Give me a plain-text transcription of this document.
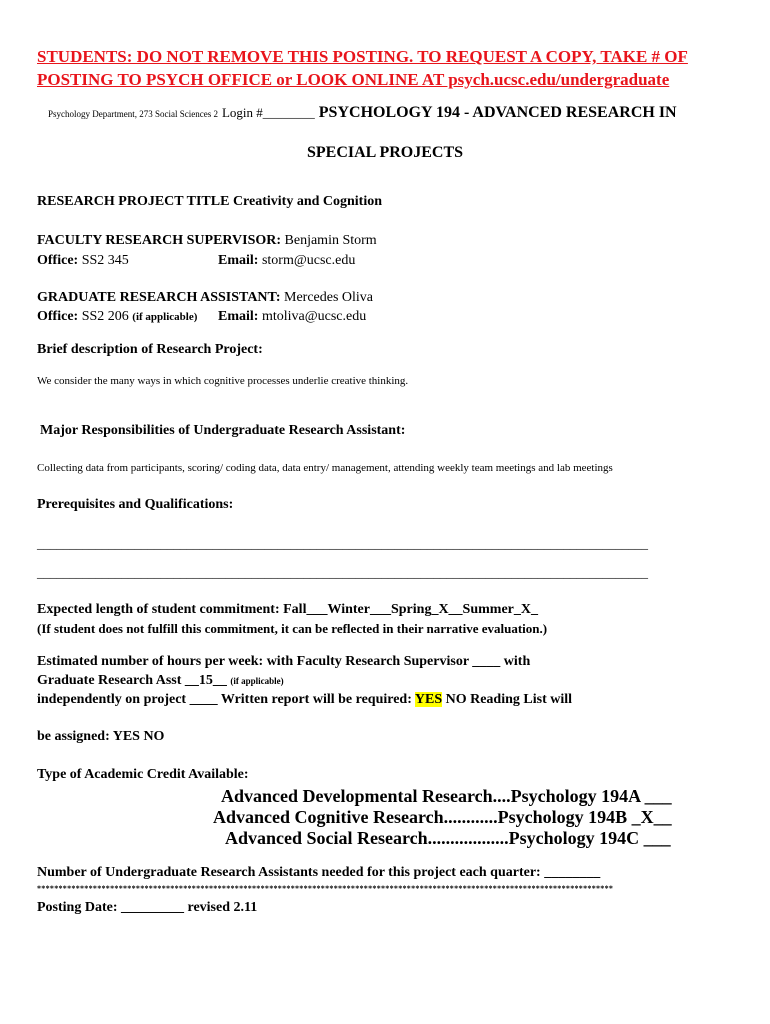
STUDENTS: DO NOT REMOVE THIS POSTING. TO REQUEST A COPY, TAKE # OF
POSTING TO PSYCH OFFICE or LOOK ONLINE AT psych.ucsc.edu/undergraduate
Psychology Department, 273 Social Sciences 2 Login #________ PSYCHOLOGY 194 - ADVANCED RESEARCH IN
SPECIAL PROJECTS
RESEARCH PROJECT TITLE Creativity and Cognition
FACULTY RESEARCH SUPERVISOR: Benjamin Storm
Office: SS2 345	Email: storm@ucsc.edu
GRADUATE RESEARCH ASSISTANT: Mercedes Oliva
Office: SS2 206 (if applicable) Email: mtoliva@ucsc.edu
Brief description of Research Project:
We consider the many ways in which cognitive processes underlie creative thinking.
Major Responsibilities of Undergraduate Research Assistant:
Collecting data from participants, scoring/ coding data, data entry/ management, attending weekly team meetings and lab meetings
Prerequisites and Qualifications:
______________________________________________________________________________________________
______________________________________________________________________________________________
Expected length of student commitment: Fall___Winter___Spring_X__Summer_X_
(If student does not fulfill this commitment, it can be reflected in their narrative evaluation.)
Estimated number of hours per week: with Faculty Research Supervisor ____ with
Graduate Research Asst __15__ (if applicable)
independently on project ____ Written report will be required: YES NO Reading List will
be assigned: YES NO
Type of Academic Credit Available:
Advanced Developmental Research....Psychology 194A ___
Advanced Cognitive Research............Psychology 194B _X__
Advanced Social Research..................Psychology 194C ___
Number of Undergraduate Research Assistants needed for this project each quarter: ________
**************************************************************************************************************************************
Posting Date: _________ revised 2.11
